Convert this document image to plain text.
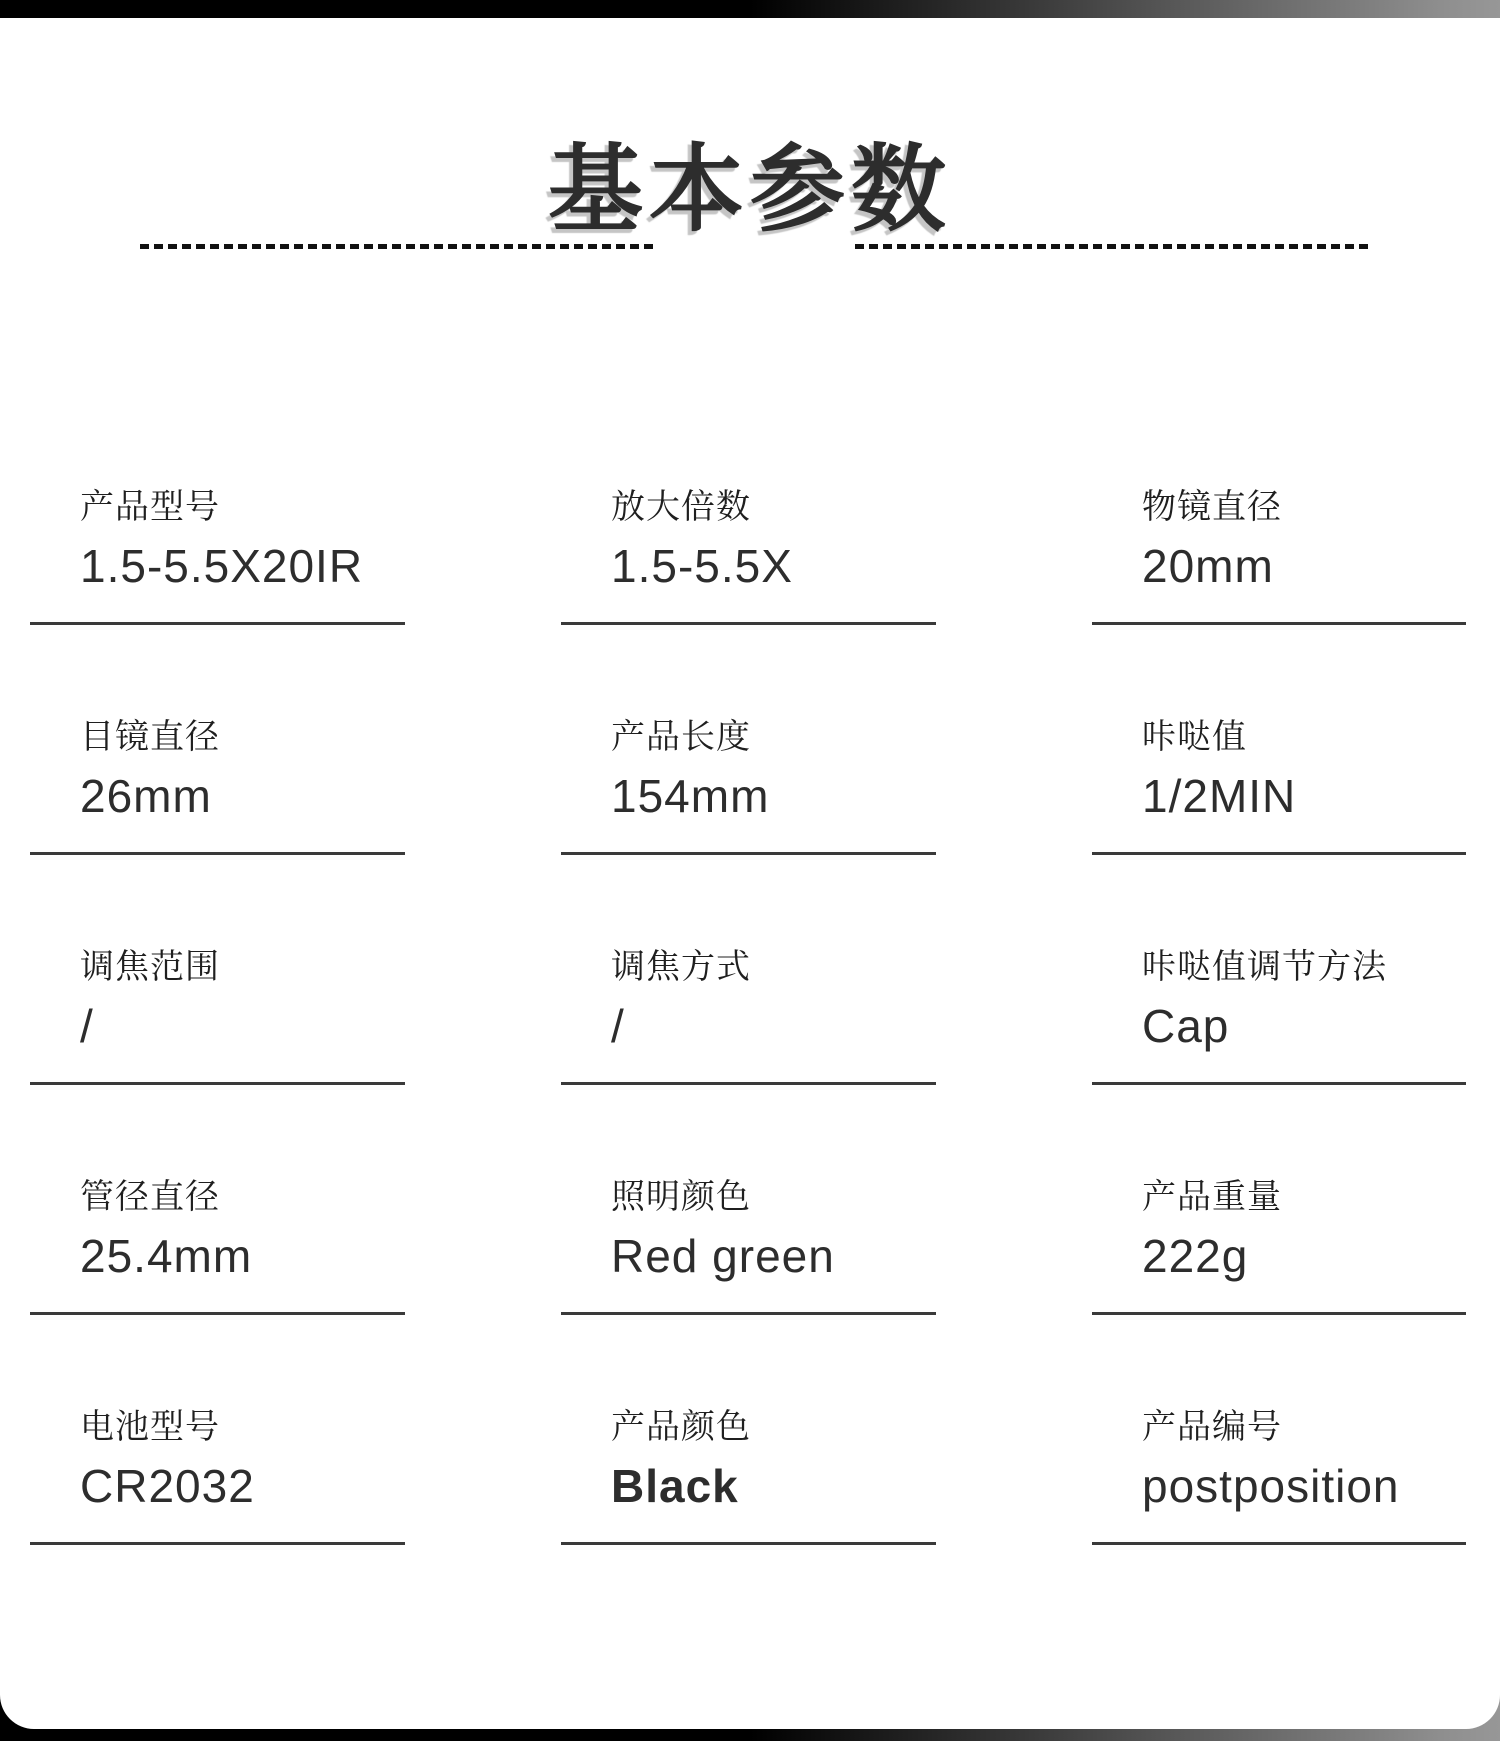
基本参数
产品型号
1.5-5.5X20IR
放大倍数
1.5-5.5X
物镜直径
20mm
目镜直径
26mm
产品长度
154mm
咔哒值
1/2MIN
调焦范围
/
调焦方式
/
咔哒值调节方法
Cap
管径直径
25.4mm
照明颜色
Red green
产品重量
222g
电池型号
CR2032
产品颜色
Black
产品编号
postposition
